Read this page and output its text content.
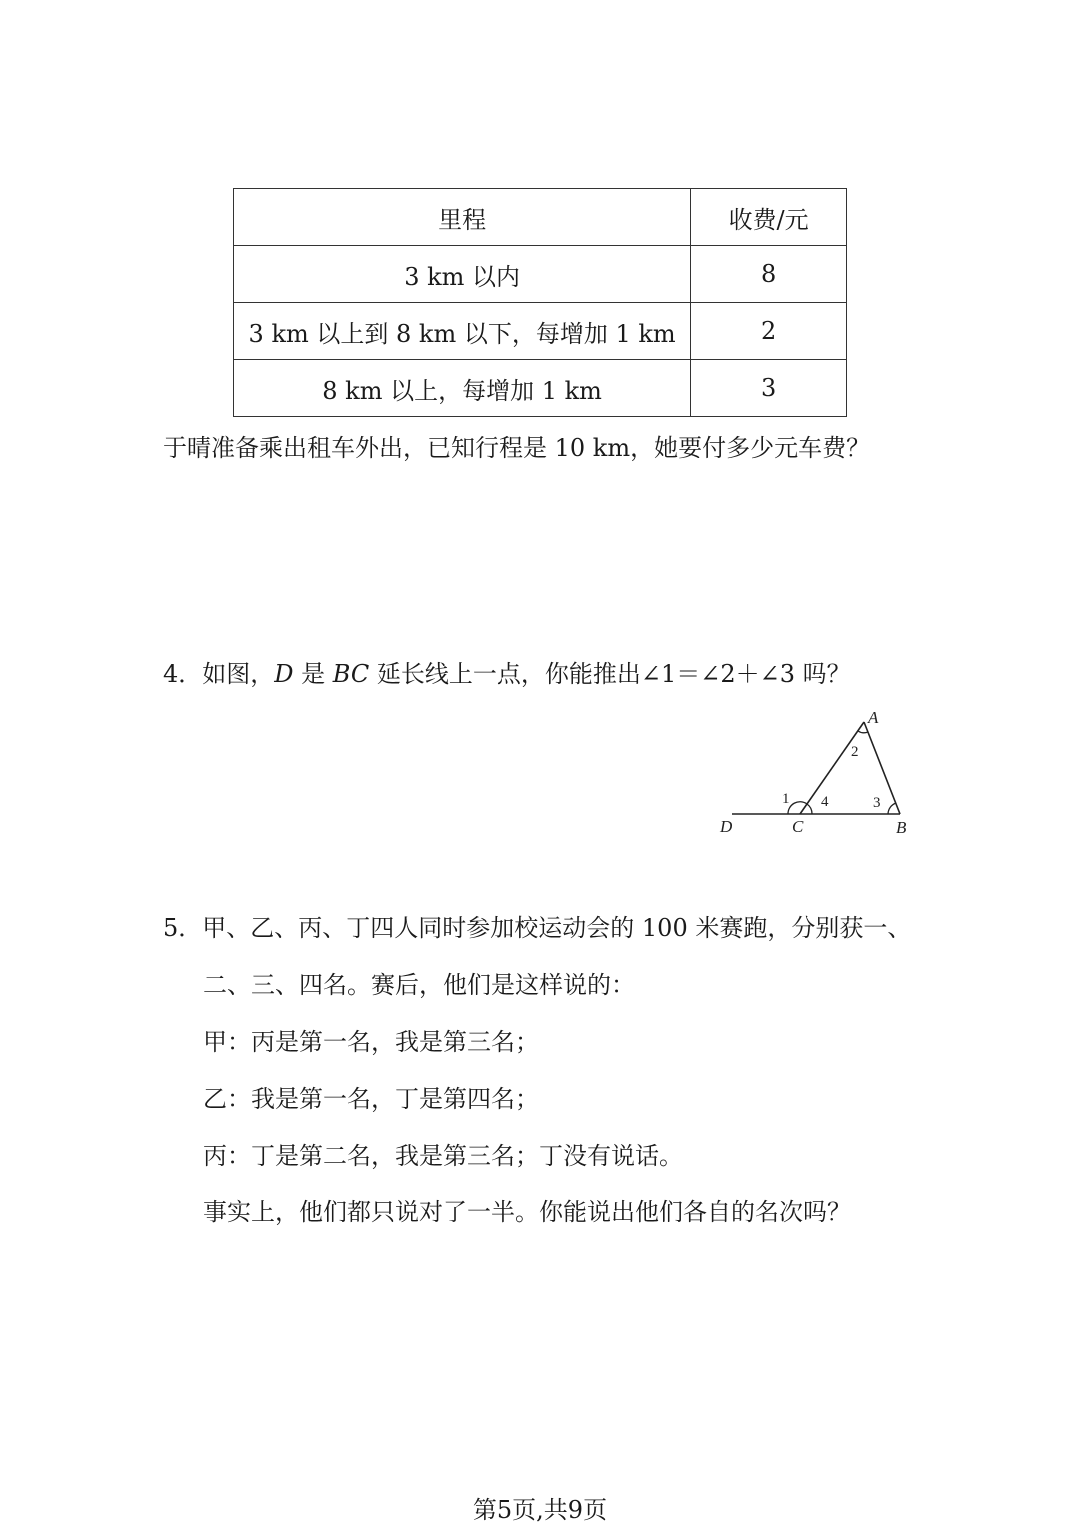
里程	收费/元
3 km 以内	8
3 km 以上到 8 km 以下，每增加 1 km	2
8 km 以上，每增加 1 km	3
于晴准备乘出租车外出，已知行程是 10 km，她要付多少元车费？
4．如图，D 是 BC 延长线上一点，你能推出∠1＝∠2＋∠3 吗？
A
B
C
D
1
2
3
4
5．甲、乙、丙、丁四人同时参加校运动会的 100 米赛跑，分别获一、
二、三、四名。赛后，他们是这样说的：
甲：丙是第一名，我是第三名；
乙：我是第一名，丁是第四名；
丙：丁是第二名，我是第三名；丁没有说话。
事实上，他们都只说对了一半。你能说出他们各自的名次吗？
第5页,共9页
